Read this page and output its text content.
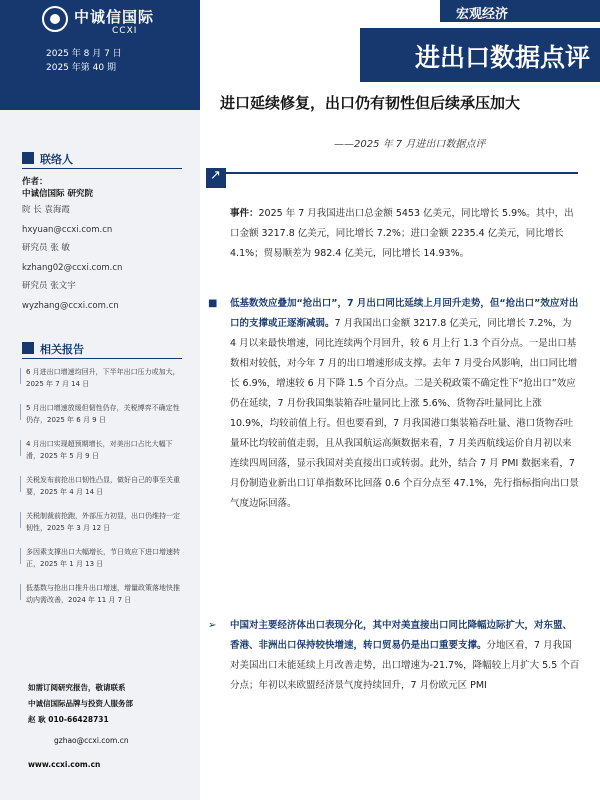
中诚信国际
CCXI
2025 年 8 月 7 日
2025 年第 40 期
宏观经济
进出口数据点评
联络人
作者：
中诚信国际 研究院
院 长 袁海霞
hxyuan@ccxi.com.cn
研究员 张 敏
kzhang02@ccxi.com.cn
研究员 张文宇
wyzhang@ccxi.com.cn
相关报告
6 月进出口增速均回升，下半年出口压力或加大，2025 年 7 月 14 日
5 月出口增速放缓但韧性仍存，关税博弈不确定性仍存，2025 年 6 月 9 日
4 月出口实现超预期增长，对美出口占比大幅下滑，2025 年 5 月 9 日
关税发布前抢出口韧性凸显，做好自己的事至关重要，2025 年 4 月 14 日
关税制裁前抢跑，外部压力初显，出口仍维持一定韧性，2025 年 3 月 12 日
多因素支撑出口大幅增长，节日效应下进口增速转正，2025 年 1 月 13 日
低基数与抢出口推升出口增速，增量政策落地快推动内需改善，2024 年 11 月 7 日
如需订阅研究报告，敬请联系
中诚信国际品牌与投资人服务部
赵 耿 010-66428731
gzhao@ccxi.com.cn
www.ccxi.com.cn
进口延续修复，出口仍有韧性但后续承压加大
——2025 年 7 月进出口数据点评
↗
事件：2025 年 7 月我国进出口总金额 5453 亿美元，同比增长 5.9%。其中，出口金额 3217.8 亿美元，同比增长 7.2%；进口金额 2235.4 亿美元，同比增长 4.1%；贸易顺差为 982.4 亿美元，同比增长 14.93%。
■ 低基数效应叠加“抢出口”，7 月出口同比延续上月回升走势，但“抢出口”效应对出口的支撑或正逐渐减弱。7 月我国出口金额 3217.8 亿美元，同比增长 7.2%，为 4 月以来最快增速，同比连续两个月回升，较 6 月上行 1.3 个百分点。一是出口基数相对较低，对今年 7 月的出口增速形成支撑。去年 7 月受台风影响，出口同比增长 6.9%，增速较 6 月下降 1.5 个百分点。二是关税政策不确定性下“抢出口”效应仍在延续，7 月份我国集装箱吞吐量同比上涨 5.6%、货物吞吐量同比上涨 10.9%，均较前值上行。但也要看到，7 月我国港口集装箱吞吐量、港口货物吞吐量环比均较前值走弱，且从我国航运高频数据来看，7 月美西航线运价自月初以来连续四周回落，显示我国对美直接出口或转弱。此外，结合 7 月 PMI 数据来看，7 月份制造业新出口订单指数环比回落 0.6 个百分点至 47.1%，先行指标指向出口景气度边际回落。
➢ 中国对主要经济体出口表现分化，其中对美直接出口同比降幅边际扩大，对东盟、香港、非洲出口保持较快增速，转口贸易仍是出口重要支撑。分地区看，7 月我国对美国出口未能延续上月改善走势，出口增速为-21.7%，降幅较上月扩大 5.5 个百分点；年初以来欧盟经济景气度持续回升，7 月份欧元区 PMI
